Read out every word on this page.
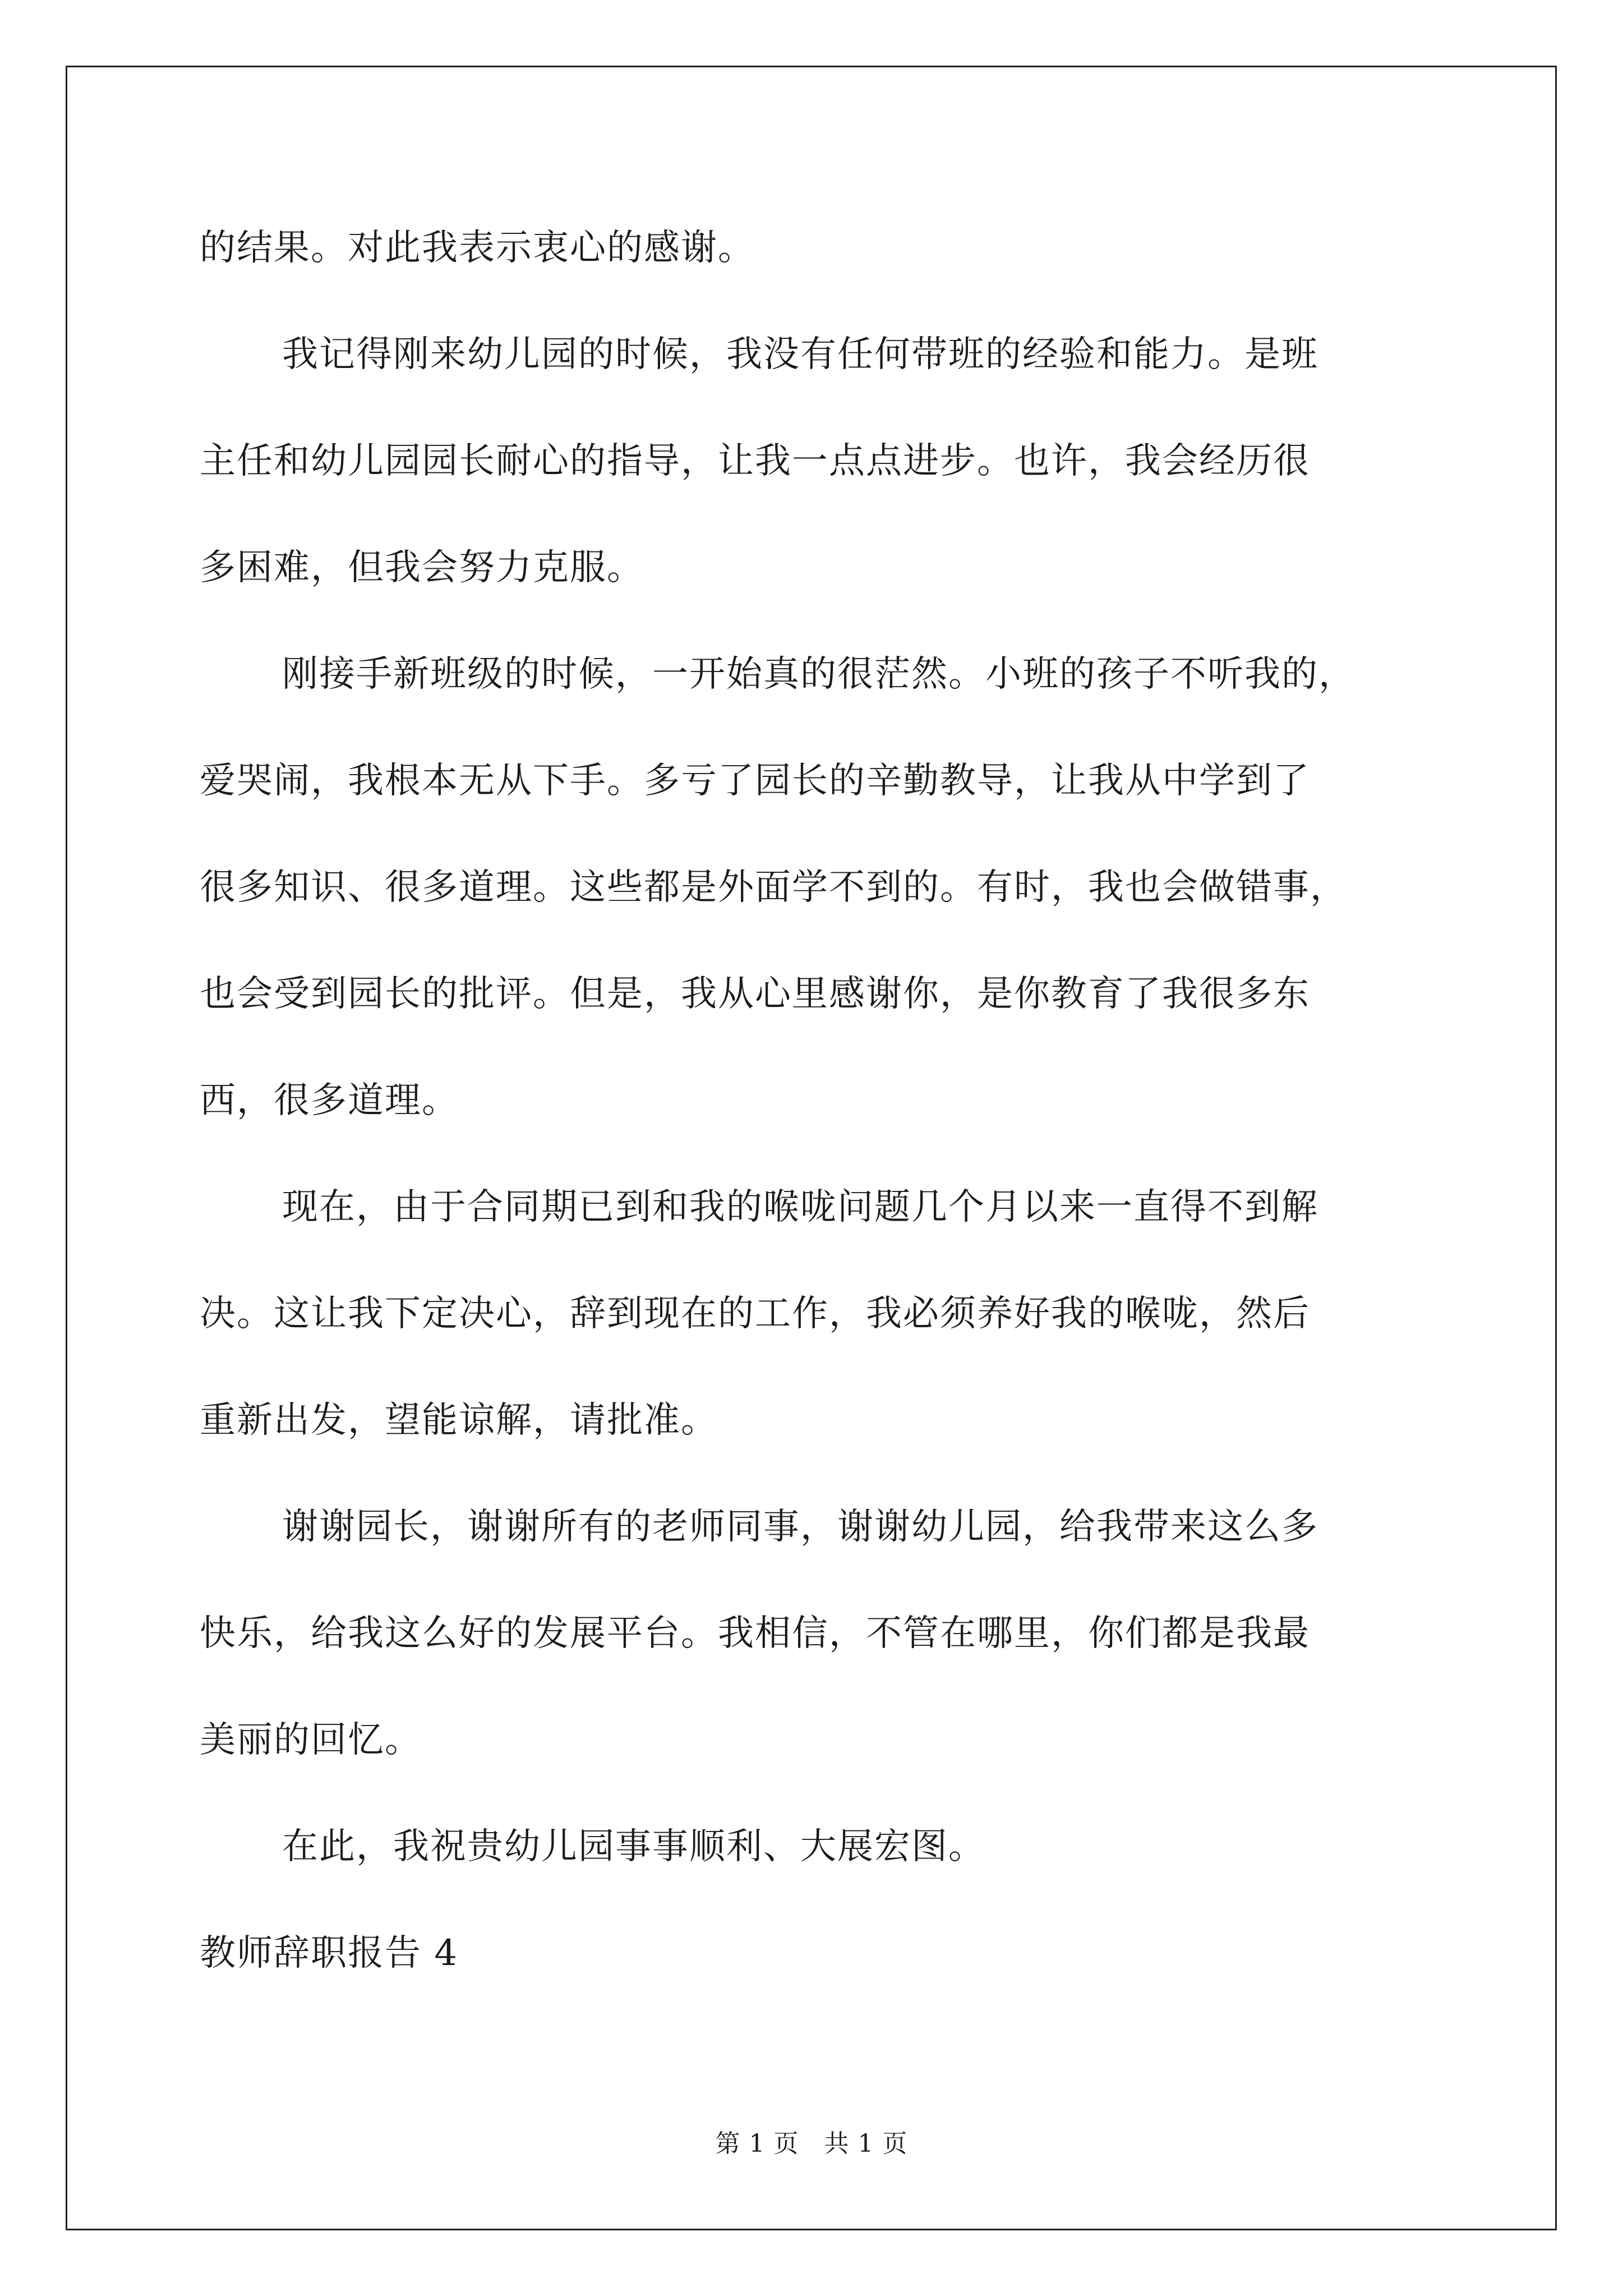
的结果。对此我表示衷心的感谢。
我记得刚来幼儿园的时候，我没有任何带班的经验和能力。是班
主任和幼儿园园长耐心的指导，让我一点点进步。也许，我会经历很
多困难，但我会努力克服。
刚接手新班级的时候，一开始真的很茫然。小班的孩子不听我的，
爱哭闹，我根本无从下手。多亏了园长的辛勤教导，让我从中学到了
很多知识、很多道理。这些都是外面学不到的。有时，我也会做错事，
也会受到园长的批评。但是，我从心里感谢你，是你教育了我很多东
西，很多道理。
现在，由于合同期已到和我的喉咙问题几个月以来一直得不到解
决。这让我下定决心，辞到现在的工作，我必须养好我的喉咙，然后
重新出发，望能谅解，请批准。
谢谢园长，谢谢所有的老师同事，谢谢幼儿园，给我带来这么多
快乐，给我这么好的发展平台。我相信，不管在哪里，你们都是我最
美丽的回忆。
在此，我祝贵幼儿园事事顺利、大展宏图。
教师辞职报告 4
第 1 页　共 1 页
